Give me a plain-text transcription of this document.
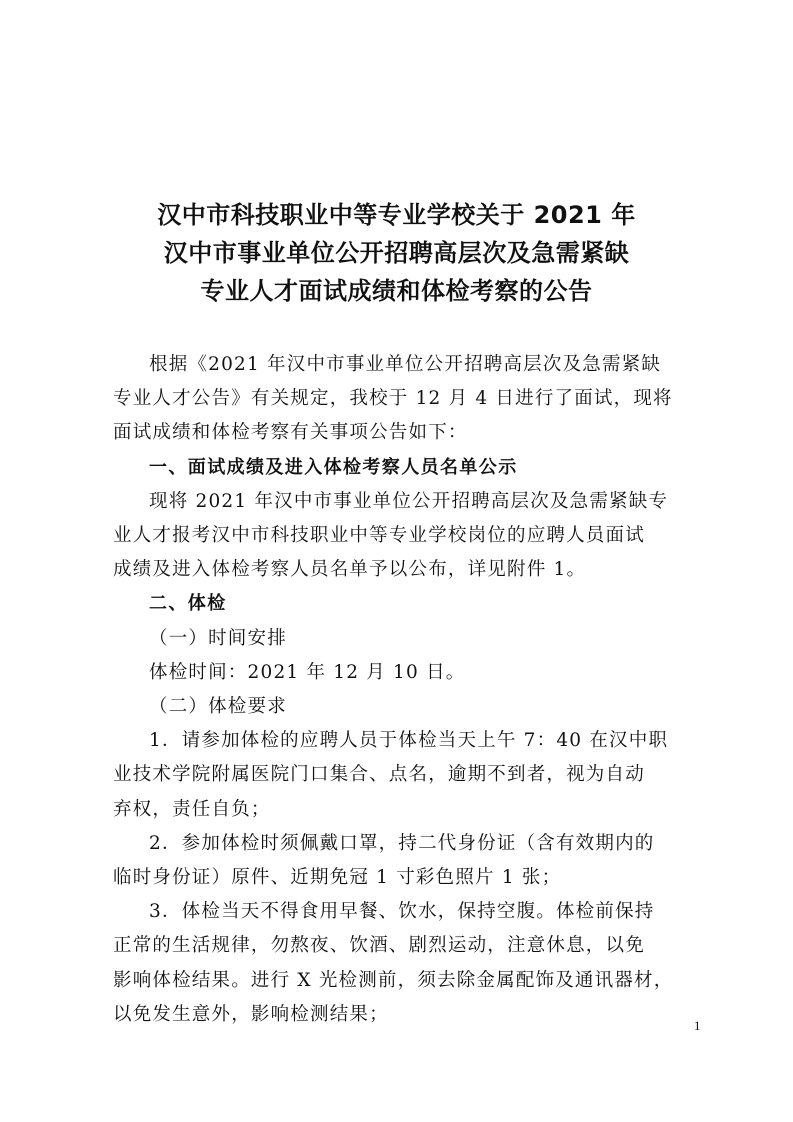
汉中市科技职业中等专业学校关于 2021 年
汉中市事业单位公开招聘高层次及急需紧缺
专业人才面试成绩和体检考察的公告
根据《2021 年汉中市事业单位公开招聘高层次及急需紧缺
专业人才公告》有关规定，我校于 12 月 4 日进行了面试，现将
面试成绩和体检考察有关事项公告如下：
一、面试成绩及进入体检考察人员名单公示
现将 2021 年汉中市事业单位公开招聘高层次及急需紧缺专
业人才报考汉中市科技职业中等专业学校岗位的应聘人员面试
成绩及进入体检考察人员名单予以公布，详见附件 1。
二、体检
（一）时间安排
体检时间：2021 年 12 月 10 日。
（二）体检要求
1．请参加体检的应聘人员于体检当天上午 7：40 在汉中职
业技术学院附属医院门口集合、点名，逾期不到者，视为自动
弃权，责任自负；
2．参加体检时须佩戴口罩，持二代身份证（含有效期内的
临时身份证）原件、近期免冠 1 寸彩色照片 1 张；
3．体检当天不得食用早餐、饮水，保持空腹。体检前保持
正常的生活规律，勿熬夜、饮酒、剧烈运动，注意休息，以免
影响体检结果。进行 X 光检测前，须去除金属配饰及通讯器材，
以免发生意外，影响检测结果；
1
